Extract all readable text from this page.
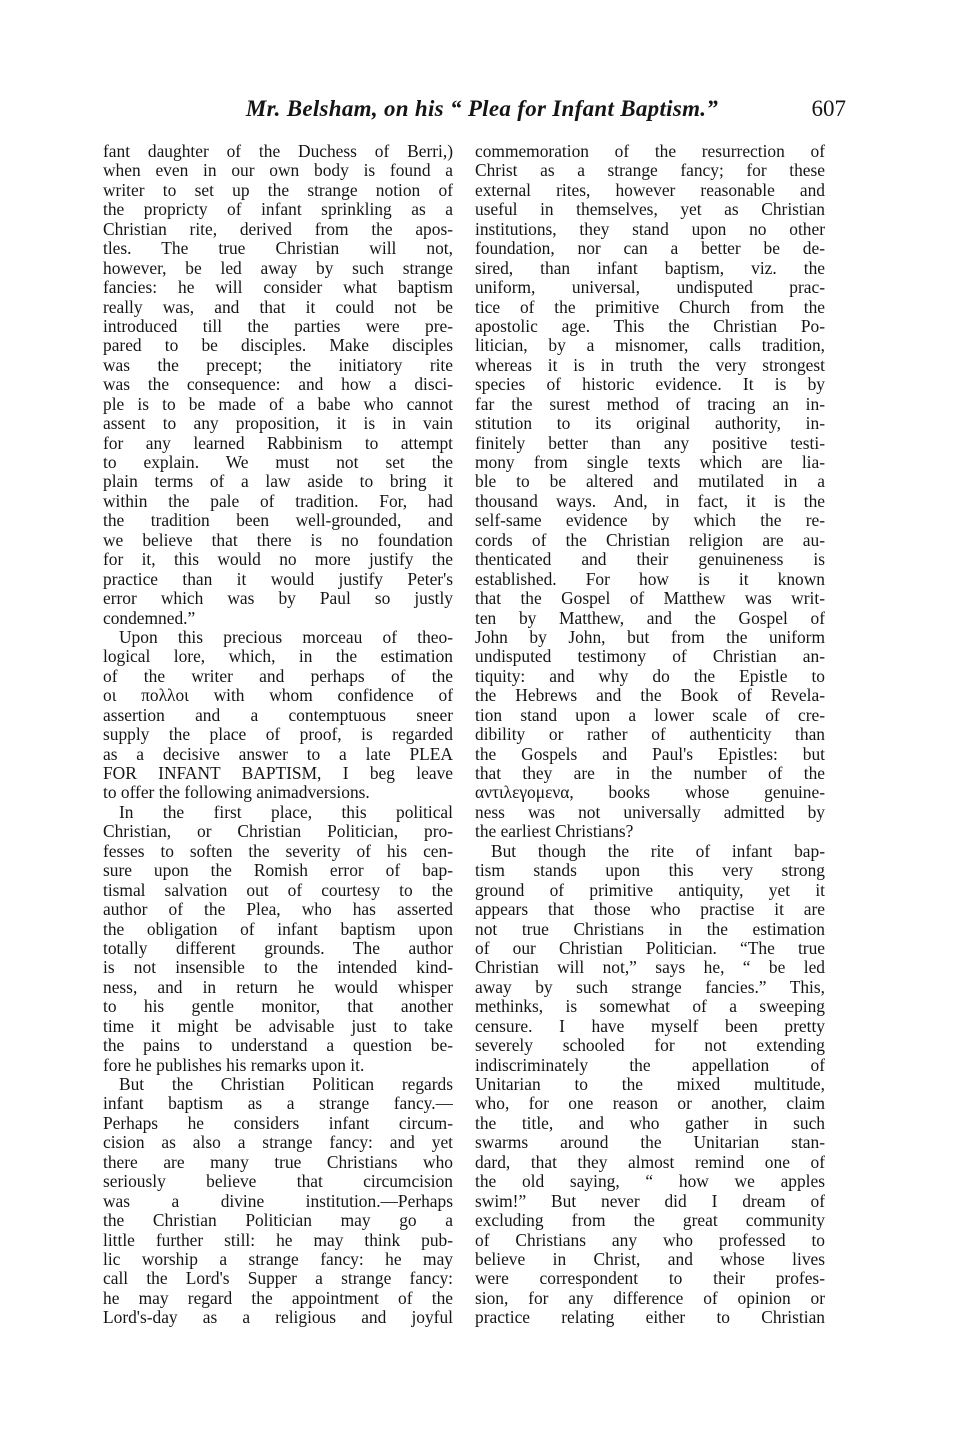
Mr. Belsham, on his “ Plea for Infant Baptism.”	607
fant daughter of the Duchess of Berri,)
when even in our own body is found a
writer to set up the strange notion of
the propricty of infant sprinkling as a
Christian rite, derived from the apos-
tles. The true Christian will not,
however, be led away by such strange
fancies: he will consider what baptism
really was, and that it could not be
introduced till the parties were pre-
pared to be disciples. Make disciples
was the precept; the initiatory rite
was the consequence: and how a disci-
ple is to be made of a babe who cannot
assent to any proposition, it is in vain
for any learned Rabbinism to attempt
to explain. We must not set the
plain terms of a law aside to bring it
within the pale of tradition. For, had
the tradition been well-grounded, and
we believe that there is no foundation
for it, this would no more justify the
practice than it would justify Peter's
error which was by Paul so justly
condemned.”
Upon this precious morceau of theo-
logical lore, which, in the estimation
of the writer and perhaps of the
οι πολλοι with whom confidence of
assertion and a contemptuous sneer
supply the place of proof, is regarded
as a decisive answer to a late PLEA
FOR INFANT BAPTISM, I beg leave
to offer the following animadversions.
In the first place, this political
Christian, or Christian Politician, pro-
fesses to soften the severity of his cen-
sure upon the Romish error of bap-
tismal salvation out of courtesy to the
author of the Plea, who has asserted
the obligation of infant baptism upon
totally different grounds. The author
is not insensible to the intended kind-
ness, and in return he would whisper
to his gentle monitor, that another
time it might be advisable just to take
the pains to understand a question be-
fore he publishes his remarks upon it.
But the Christian Politican regards
infant baptism as a strange fancy.—
Perhaps he considers infant circum-
cision as also a strange fancy: and yet
there are many true Christians who
seriously believe that circumcision
was a divine institution.—Perhaps
the Christian Politician may go a
little further still: he may think pub-
lic worship a strange fancy: he may
call the Lord's Supper a strange fancy:
he may regard the appointment of the
Lord's-day as a religious and joyful
commemoration of the resurrection of
Christ as a strange fancy; for these
external rites, however reasonable and
useful in themselves, yet as Christian
institutions, they stand upon no other
foundation, nor can a better be de-
sired, than infant baptism, viz. the
uniform, universal, undisputed prac-
tice of the primitive Church from the
apostolic age. This the Christian Po-
litician, by a misnomer, calls tradition,
whereas it is in truth the very strongest
species of historic evidence. It is by
far the surest method of tracing an in-
stitution to its original authority, in-
finitely better than any positive testi-
mony from single texts which are lia-
ble to be altered and mutilated in a
thousand ways. And, in fact, it is the
self-same evidence by which the re-
cords of the Christian religion are au-
thenticated and their genuineness is
established. For how is it known
that the Gospel of Matthew was writ-
ten by Matthew, and the Gospel of
John by John, but from the uniform
undisputed testimony of Christian an-
tiquity: and why do the Epistle to
the Hebrews and the Book of Revela-
tion stand upon a lower scale of cre-
dibility or rather of authenticity than
the Gospels and Paul's Epistles: but
that they are in the number of the
αντιλεγομενα, books whose genuine-
ness was not universally admitted by
the earliest Christians?
But though the rite of infant bap-
tism stands upon this very strong
ground of primitive antiquity, yet it
appears that those who practise it are
not true Christians in the estimation
of our Christian Politician. “The true
Christian will not,” says he, “ be led
away by such strange fancies.” This,
methinks, is somewhat of a sweeping
censure. I have myself been pretty
severely schooled for not extending
indiscriminately the appellation of
Unitarian to the mixed multitude,
who, for one reason or another, claim
the title, and who gather in such
swarms around the Unitarian stan-
dard, that they almost remind one of
the old saying, “ how we apples
swim!” But never did I dream of
excluding from the great community
of Christians any who professed to
believe in Christ, and whose lives
were correspondent to their profes-
sion, for any difference of opinion or
practice relating either to Christian
